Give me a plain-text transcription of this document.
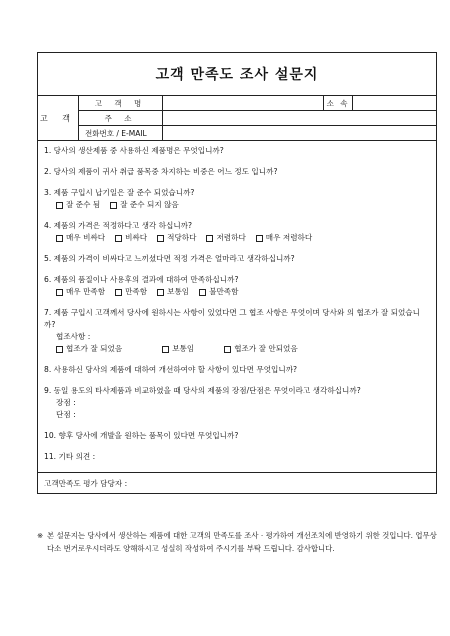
고객 만족도 조사 설문지
고 객
고 객 명	소 속
주 소
전화번호 / E-MAIL
1. 당사의 생산제품 중 사용하신 제품명은 무엇입니까?
2. 당사의 제품이 귀사 취급 품목중 차지하는 비중은 어느 정도 입니까?
3. 제품 구입시 납기일은 잘 준수 되었습니까?
잘 준수 됨	잘 준수 되지 않음
4. 제품의 가격은 적정하다고 생각 하십니까?
매우 비싸다	비싸다	적당하다	저렴하다	매우 저렴하다
5. 제품의 가격이 비싸다고 느끼셨다면 적정 가격은 얼마라고 생각하십니까?
6. 제품의 품질이나 사용후의 결과에 대하여 만족하십니까?
매우 만족함	만족함	보통임	불만족함
7. 제품 구입시 고객께서 당사에 원하시는 사항이 있었다면 그 협조 사항은 무엇이며 당사와 의 협조가 잘 되었습니까?
협조사항 :
협조가 잘 되었음	보통임	협조가 잘 안되었음
8. 사용하신 당사의 제품에 대하여 개선하여야 할 사항이 있다면 무엇입니까?
9. 동일 용도의 타사제품과 비교하였을 때 당사의 제품의 장점/단점은 무엇이라고 생각하십니까?
장점 :
단점 :
10. 향후 당사에 개발을 원하는 품목이 있다면 무엇입니까?
11. 기타 의견 :
고객만족도 평가 담당자 :
※ 본 설문지는 당사에서 생산하는 제품에 대한 고객의 만족도를 조사 · 평가하여 개선조치에 반영하기 위한 것입니다. 업무상 다소 번거로우시더라도 양해하시고 성실히 작성하여 주시기를 부탁 드립니다. 감사합니다.
